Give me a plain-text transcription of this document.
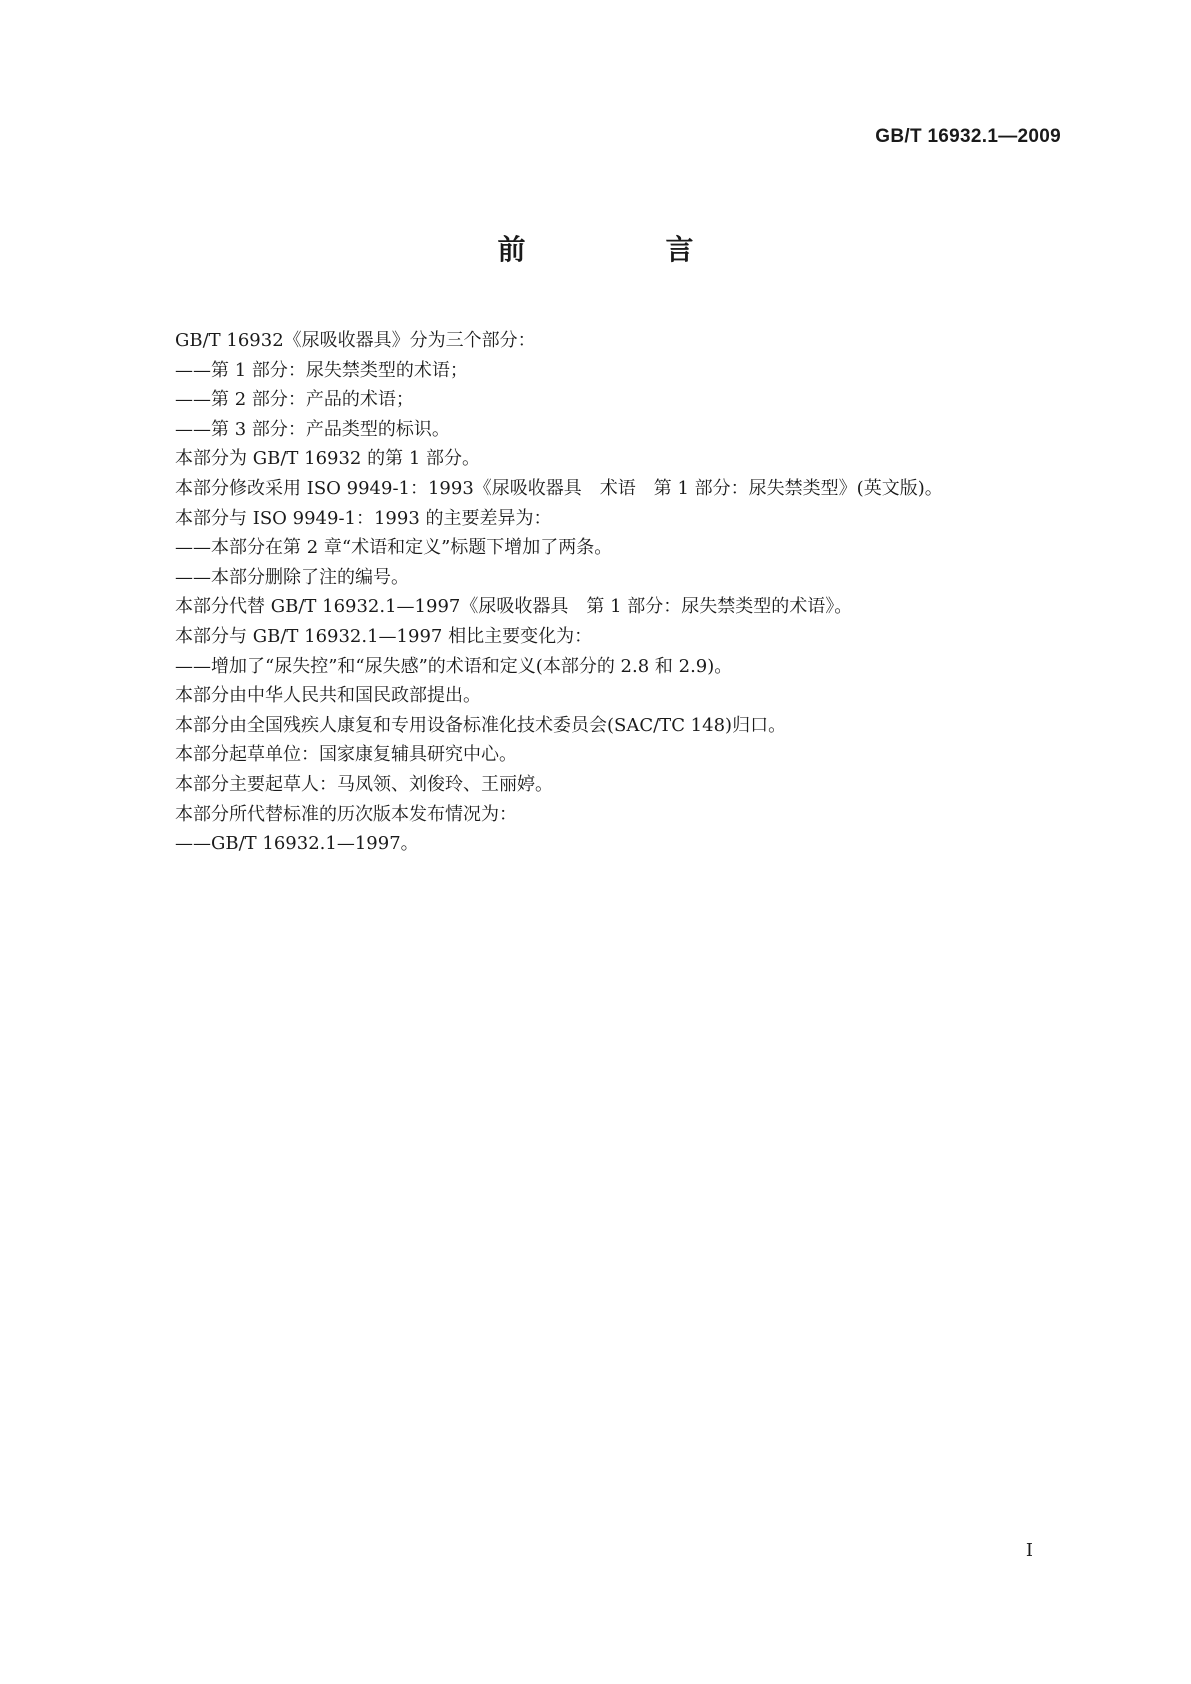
GB/T 16932.1—2009
前　言
GB/T 16932《尿吸收器具》分为三个部分：
——第 1 部分：尿失禁类型的术语；
——第 2 部分：产品的术语；
——第 3 部分：产品类型的标识。
本部分为 GB/T 16932 的第 1 部分。
本部分修改采用 ISO 9949-1：1993《尿吸收器具　术语　第 1 部分：尿失禁类型》(英文版)。
本部分与 ISO 9949-1：1993 的主要差异为：
——本部分在第 2 章“术语和定义”标题下增加了两条。
——本部分删除了注的编号。
本部分代替 GB/T 16932.1—1997《尿吸收器具　第 1 部分：尿失禁类型的术语》。
本部分与 GB/T 16932.1—1997 相比主要变化为：
——增加了“尿失控”和“尿失感”的术语和定义(本部分的 2.8 和 2.9)。
本部分由中华人民共和国民政部提出。
本部分由全国残疾人康复和专用设备标准化技术委员会(SAC/TC 148)归口。
本部分起草单位：国家康复辅具研究中心。
本部分主要起草人：马凤领、刘俊玲、王丽婷。
本部分所代替标准的历次版本发布情况为：
——GB/T 16932.1—1997。
I
